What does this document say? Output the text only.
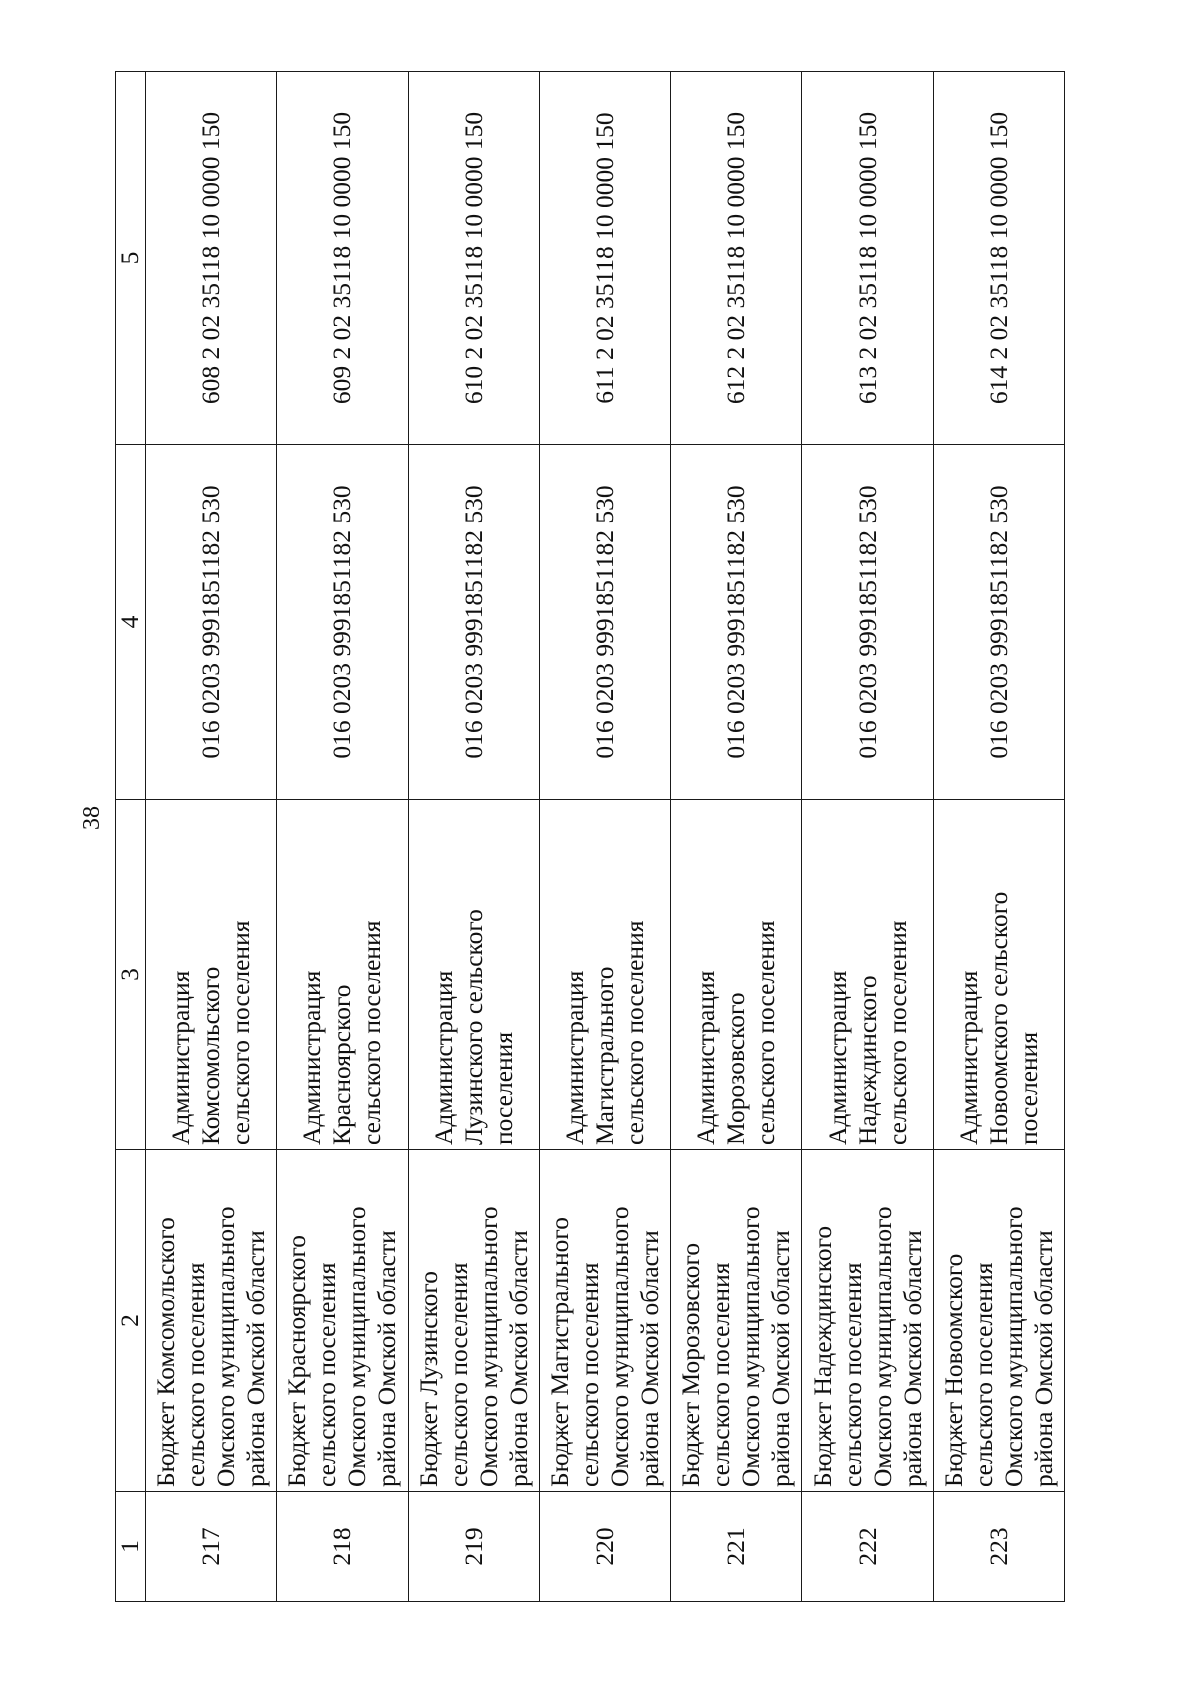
38
1	2	3	4	5
217	Бюджет Комсомольского
сельского поселения
Омского муниципального
района Омской области	Администрация
Комсомольского
сельского поселения	016 0203 9991851182 530	608 2 02 35118 10 0000 150
218	Бюджет Красноярского
сельского поселения
Омского муниципального
района Омской области	Администрация
Красноярского
сельского поселения	016 0203 9991851182 530	609 2 02 35118 10 0000 150
219	Бюджет Лузинского
сельского поселения
Омского муниципального
района Омской области	Администрация
Лузинского сельского
поселения	016 0203 9991851182 530	610 2 02 35118 10 0000 150
220	Бюджет Магистрального
сельского поселения
Омского муниципального
района Омской области	Администрация
Магистрального
сельского поселения	016 0203 9991851182 530	611 2 02 35118 10 0000 150
221	Бюджет Морозовского
сельского поселения
Омского муниципального
района Омской области	Администрация
Морозовского
сельского поселения	016 0203 9991851182 530	612 2 02 35118 10 0000 150
222	Бюджет Надеждинского
сельского поселения
Омского муниципального
района Омской области	Администрация
Надеждинского
сельского поселения	016 0203 9991851182 530	613 2 02 35118 10 0000 150
223	Бюджет Новоомского
сельского поселения
Омского муниципального
района Омской области	Администрация
Новоомского сельского
поселения	016 0203 9991851182 530	614 2 02 35118 10 0000 150
